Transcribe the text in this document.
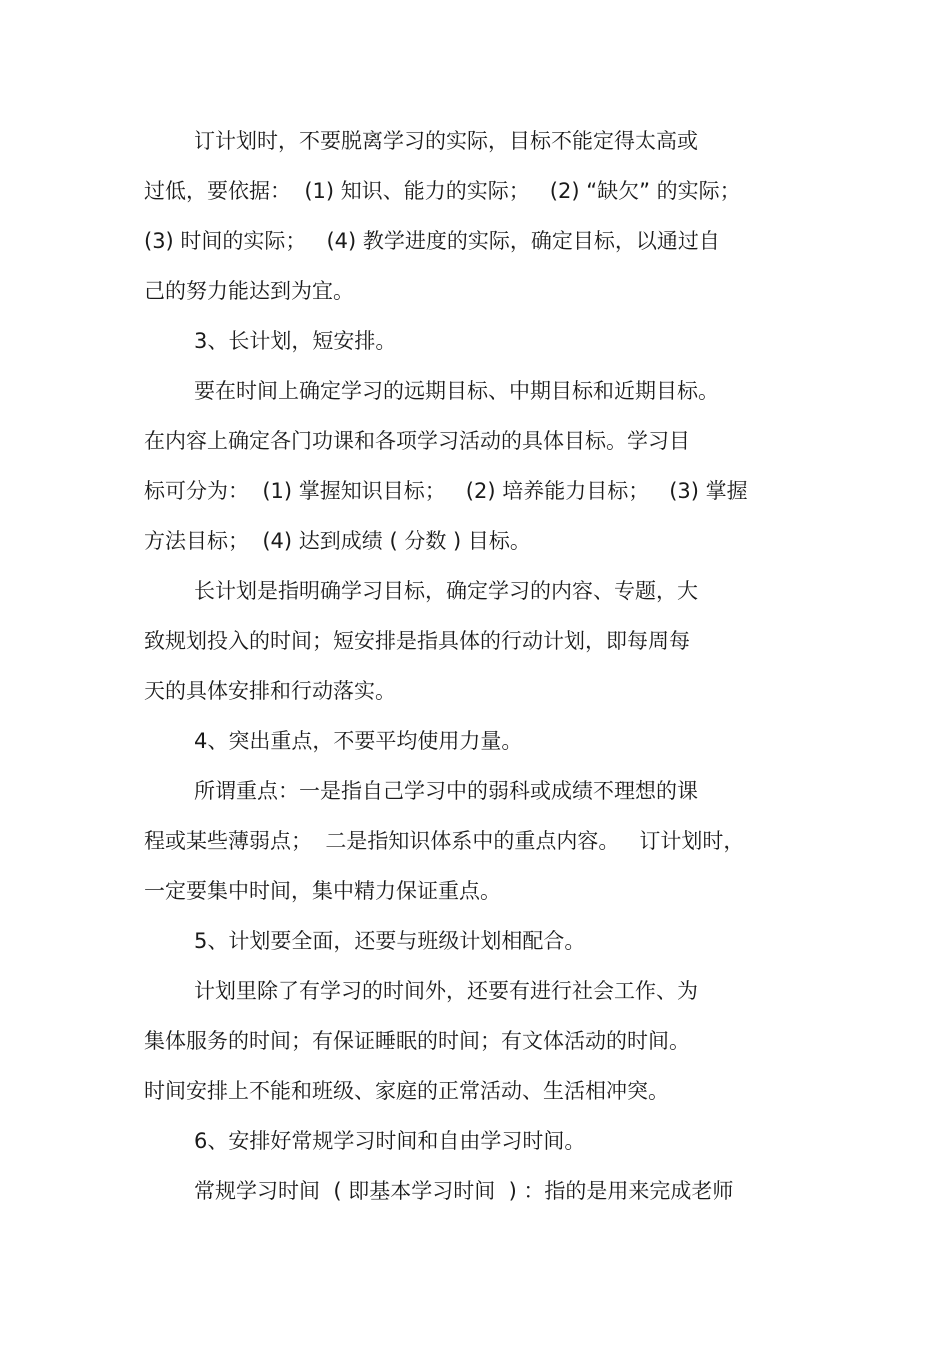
订计划时，不要脱离学习的实际，目标不能定得太高或

过低，要依据：  (1) 知识、能力的实际；   (2) “缺欠” 的实际；

(3) 时间的实际；   (4) 教学进度的实际，确定目标，以通过自

己的努力能达到为宜。

3、长计划，短安排。

要在时间上确定学习的远期目标、中期目标和近期目标。

在内容上确定各门功课和各项学习活动的具体目标。学习目

标可分为：  (1) 掌握知识目标；   (2) 培养能力目标；   (3) 掌握

方法目标；  (4) 达到成绩 ( 分数 ) 目标。

长计划是指明确学习目标，确定学习的内容、专题，大

致规划投入的时间；短安排是指具体的行动计划，即每周每

天的具体安排和行动落实。

4、突出重点，不要平均使用力量。

所谓重点：一是指自己学习中的弱科或成绩不理想的课

程或某些薄弱点；  二是指知识体系中的重点内容。   订计划时，

一定要集中时间，集中精力保证重点。

5、计划要全面，还要与班级计划相配合。

计划里除了有学习的时间外，还要有进行社会工作、为

集体服务的时间；有保证睡眠的时间；有文体活动的时间。

时间安排上不能和班级、家庭的正常活动、生活相冲突。

6、安排好常规学习时间和自由学习时间。

常规学习时间  ( 即基本学习时间  ) ：指的是用来完成老师
